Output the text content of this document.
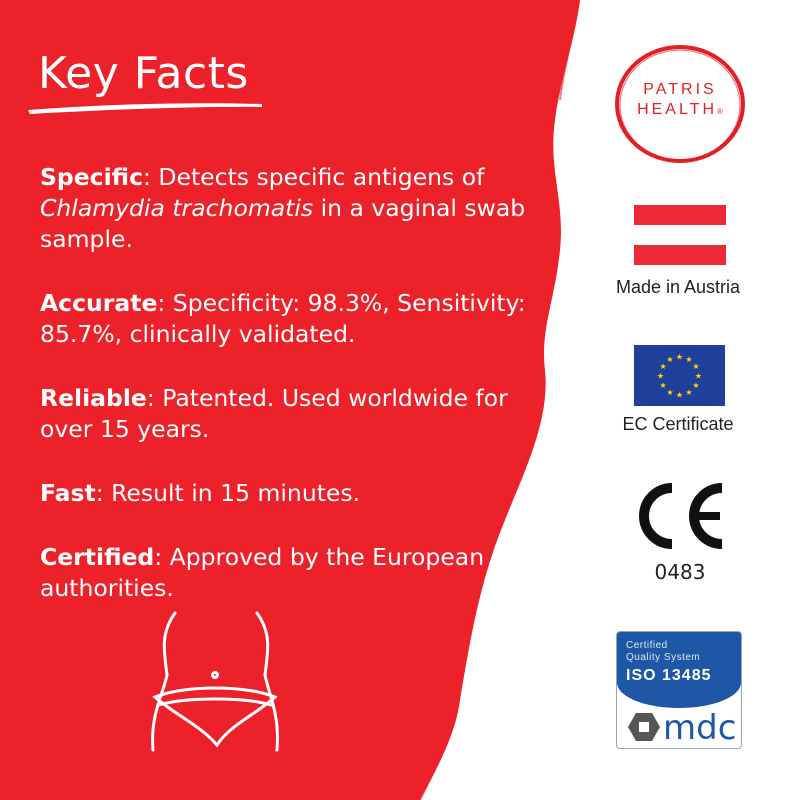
Key Facts
Specific: Detects specific antigens of Chlamydia trachomatis in a vaginal swab sample.
Accurate: Specificity: 98.3%, Sensitivity: 85.7%, clinically validated.
Reliable: Patented. Used worldwide for over 15 years.
Fast: Result in 15 minutes.
Certified: Approved by the European authorities.
PATRIS
HEALTH®
Made in Austria
★ ★
★
★
★
★
★
★
★
★
★
★
EC Certificate
0483
Certified
Quality System
ISO 13485
mdc
